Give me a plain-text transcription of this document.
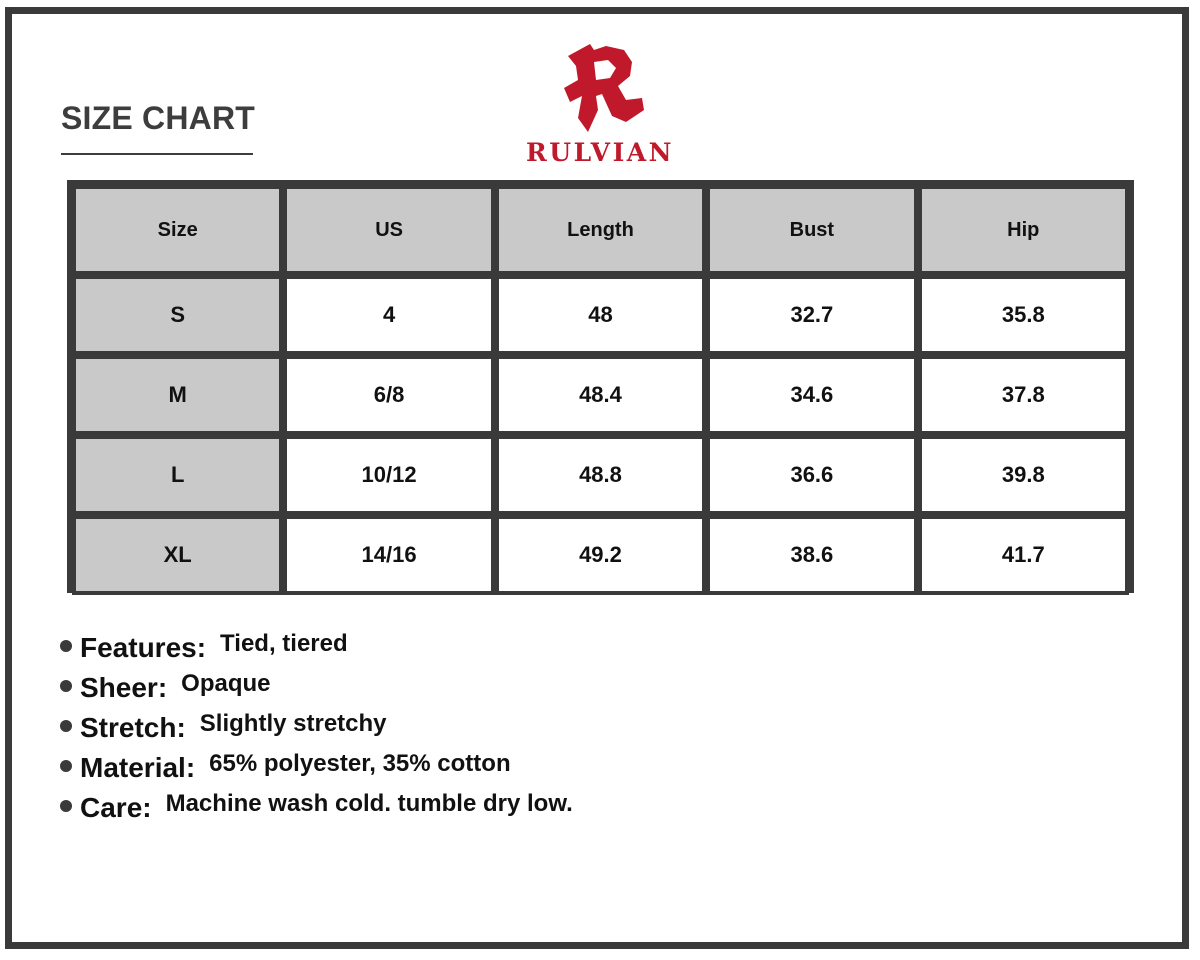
SIZE CHART
RULVIAN
Size	US	Length	Bust	Hip
S	4	48	32.7	35.8
M	6/8	48.4	34.6	37.8
L	10/12	48.8	36.6	39.8
XL	14/16	49.2	38.6	41.7
Features: Tied, tiered
Sheer: Opaque
Stretch: Slightly stretchy
Material: 65% polyester, 35% cotton
Care: Machine wash cold. tumble dry low.
